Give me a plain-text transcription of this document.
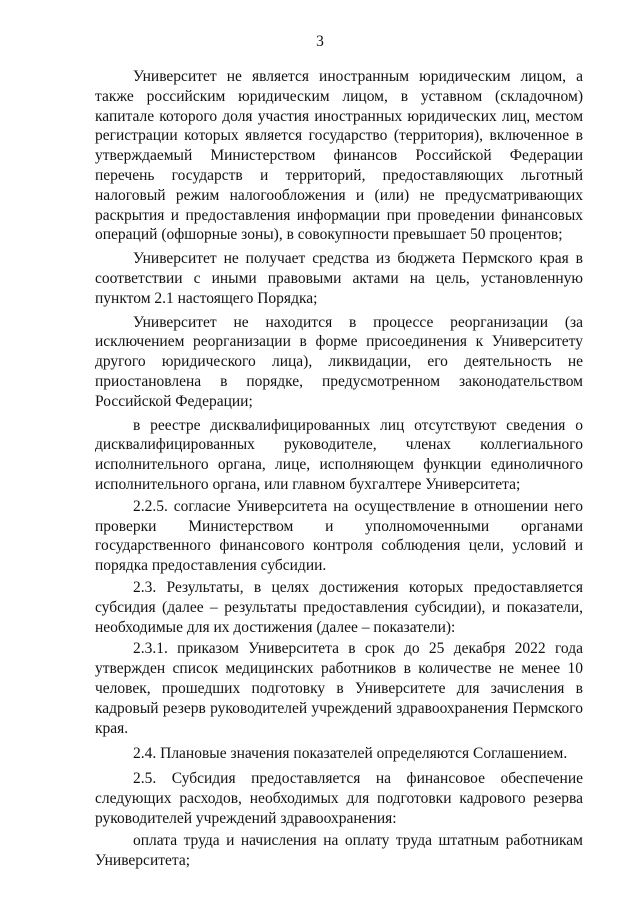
3

Университет не является иностранным юридическим лицом, а также российским юридическим лицом, в уставном (складочном) капитале которого доля участия иностранных юридических лиц, местом регистрации которых является государство (территория), включенное в утверждаемый Министерством финансов Российской Федерации перечень государств и территорий, предоставляющих льготный налоговый режим налогообложения и (или) не предусматривающих раскрытия и предоставления информации при проведении финансовых операций (офшорные зоны), в совокупности превышает 50 процентов;

Университет не получает средства из бюджета Пермского края в соответствии с иными правовыми актами на цель, установленную пунктом 2.1 настоящего Порядка;

Университет не находится в процессе реорганизации (за исключением реорганизации в форме присоединения к Университету другого юридического лица), ликвидации, его деятельность не приостановлена в порядке, предусмотренном законодательством Российской Федерации;

в реестре дисквалифицированных лиц отсутствуют сведения о дисквалифицированных руководителе, членах коллегиального исполнительного органа, лице, исполняющем функции единоличного исполнительного органа, или главном бухгалтере Университета;

2.2.5. согласие Университета на осуществление в отношении него проверки Министерством и уполномоченными органами государственного финансового контроля соблюдения цели, условий и порядка предоставления субсидии.

2.3. Результаты, в целях достижения которых предоставляется субсидия (далее – результаты предоставления субсидии), и показатели, необходимые для их достижения (далее – показатели):

2.3.1. приказом Университета в срок до 25 декабря 2022 года утвержден список медицинских работников в количестве не менее 10 человек, прошедших подготовку в Университете для зачисления в кадровый резерв руководителей учреждений здравоохранения Пермского края.

2.4. Плановые значения показателей определяются Соглашением.

2.5. Субсидия предоставляется на финансовое обеспечение следующих расходов, необходимых для подготовки кадрового резерва руководителей учреждений здравоохранения:

оплата труда и начисления на оплату труда штатным работникам Университета;
